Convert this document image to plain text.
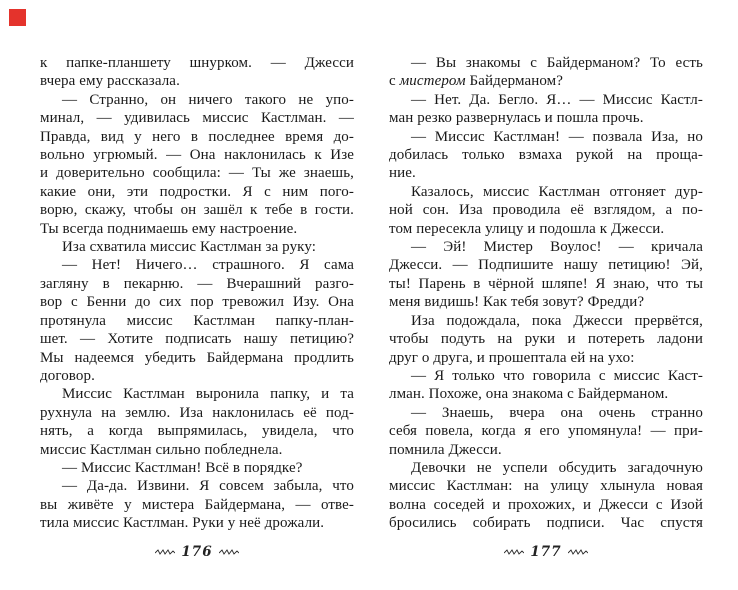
к папке-планшету шнурком. — Джесси
вчера ему рассказала.
— Странно, он ничего такого не упо-
минал, — удивилась миссис Кастлман. —
Правда, вид у него в последнее время до-
вольно угрюмый. — Она наклонилась к Изе
и доверительно сообщила: — Ты же знаешь,
какие они, эти подростки. Я с ним пого-
ворю, скажу, чтобы он зашёл к тебе в гости.
Ты всегда поднимаешь ему настроение.
Иза схватила миссис Кастлман за руку:
— Нет! Ничего… страшного. Я сама
загляну в пекарню. — Вчерашний разго-
вор с Бенни до сих пор тревожил Изу. Она
протянула миссис Кастлман папку-план-
шет. — Хотите подписать нашу петицию?
Мы надеемся убедить Байдермана продлить
договор.
Миссис Кастлман выронила папку, и та
рухнула на землю. Иза наклонилась её под-
нять, а когда выпрямилась, увидела, что
миссис Кастлман сильно побледнела.
— Миссис Кастлман! Всё в порядке?
— Да-да. Извини. Я совсем забыла, что
вы живёте у мистера Байдермана, — отве-
тила миссис Кастлман. Руки у неё дрожали.
— Вы знакомы с Байдерманом? То есть
с мистером Байдерманом?
— Нет. Да. Бегло. Я… — Миссис Кастл-
ман резко развернулась и пошла прочь.
— Миссис Кастлман! — позвала Иза, но
добилась только взмаха рукой на проща-
ние.
Казалось, миссис Кастлман отгоняет дур-
ной сон. Иза проводила её взглядом, а по-
том пересекла улицу и подошла к Джесси.
— Эй! Мистер Воулос! — кричала
Джесси. — Подпишите нашу петицию! Эй,
ты! Парень в чёрной шляпе! Я знаю, что ты
меня видишь! Как тебя зовут? Фредди?
Иза подождала, пока Джесси прервётся,
чтобы подуть на руки и потереть ладони
друг о друга, и прошептала ей на ухо:
— Я только что говорила с миссис Каст-
лман. Похоже, она знакома с Байдерманом.
— Знаешь, вчера она очень странно
себя повела, когда я его упомянула! — при-
помнила Джесси.
Девочки не успели обсудить загадочную
миссис Кастлман: на улицу хлынула новая
волна соседей и прохожих, и Джесси с Изой
бросились собирать подписи. Час спустя
176	177
